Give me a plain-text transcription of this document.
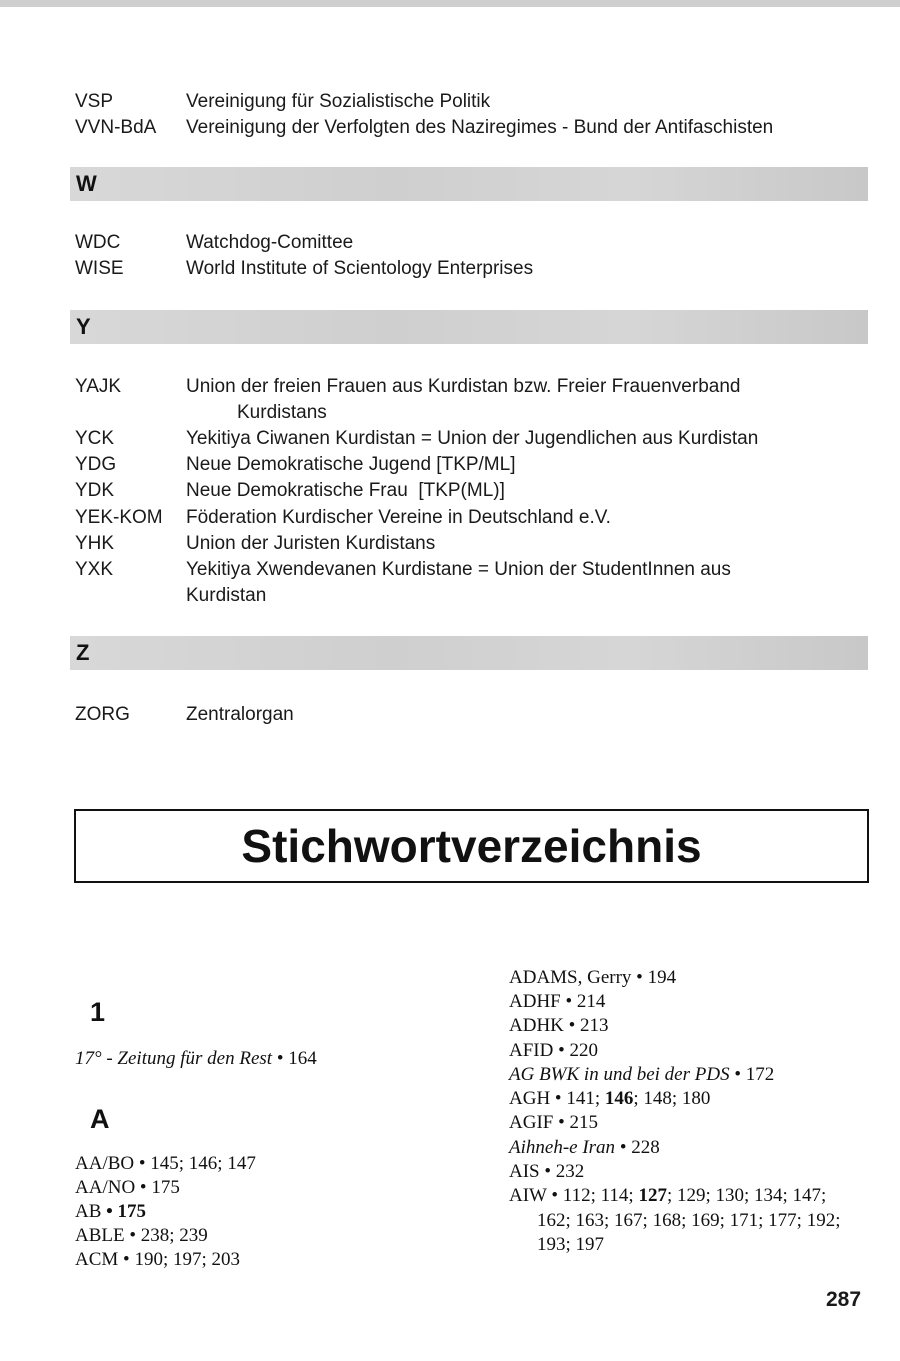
VSP	Vereinigung für Sozialistische Politik
VVN-BdA Vereinigung der Verfolgten des Naziregimes - Bund der Antifaschisten
W
WDC	Watchdog-Comittee
WISE	World Institute of Scientology Enterprises
Y
YAJK	Union der freien Frauen aus Kurdistan bzw. Freier Frauenverband
Kurdistans
YCK	Yekitiya Ciwanen Kurdistan = Union der Jugendlichen aus Kurdistan
YDG	Neue Demokratische Jugend [TKP/ML]
YDK	Neue Demokratische Frau  [TKP(ML)]
YEK-KOM Föderation Kurdischer Vereine in Deutschland e.V.
YHK	Union der Juristen Kurdistans
YXK	Yekitiya Xwendevanen Kurdistane = Union der StudentInnen aus
Kurdistan
Z
ZORG	Zentralorgan
Stichwortverzeichnis
1
17° - Zeitung für den Rest • 164
A
AA/BO • 145; 146; 147
AA/NO • 175
AB • 175
ABLE • 238; 239
ACM • 190; 197; 203
ADAMS, Gerry • 194
ADHF • 214
ADHK • 213
AFID • 220
AG BWK in und bei der PDS • 172
AGH • 141; 146; 148; 180
AGIF • 215
Aihneh-e Iran • 228
AIS • 232
AIW • 112; 114; 127; 129; 130; 134; 147;
162; 163; 167; 168; 169; 171; 177; 192;
193; 197
287
